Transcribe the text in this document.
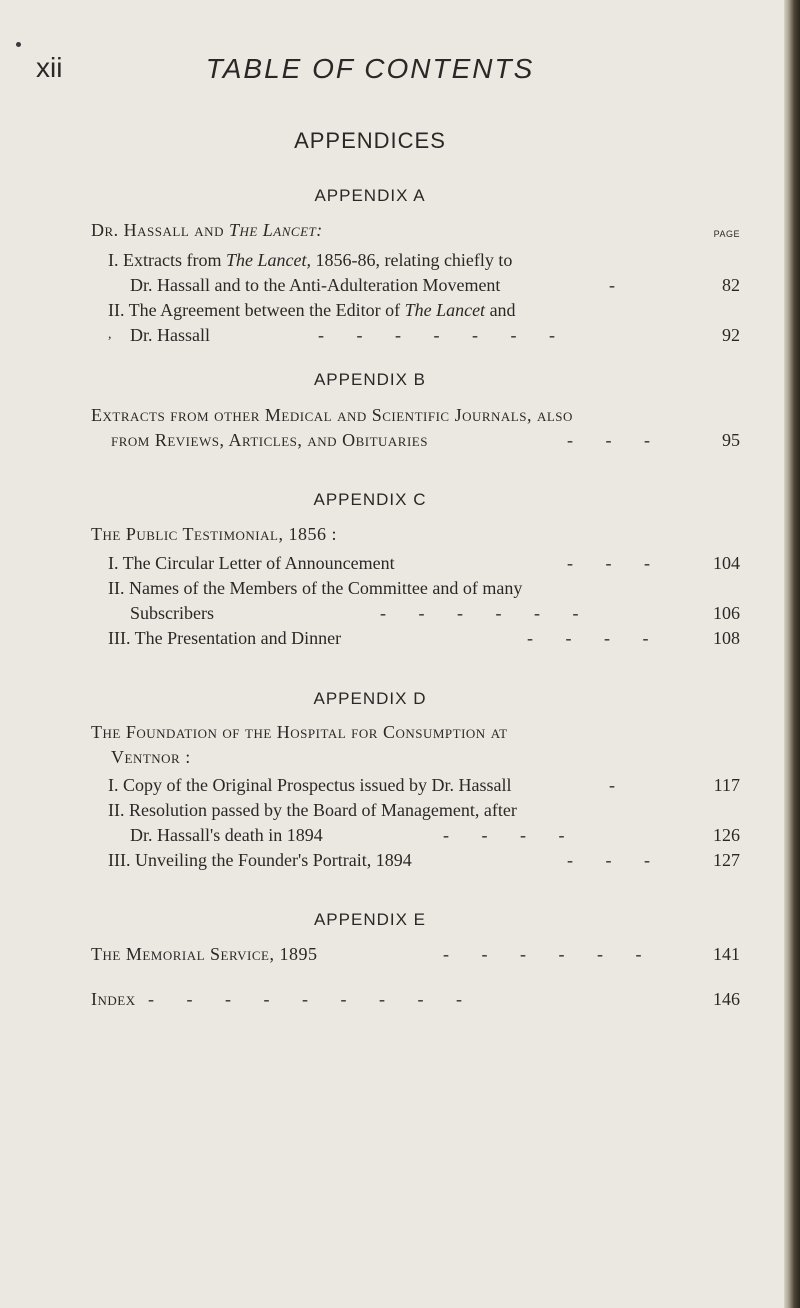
xii	TABLE OF CONTENTS
APPENDICES
APPENDIX A
Dr. Hassall and The Lancet:	PAGE
I. Extracts from The Lancet, 1856-86, relating chiefly to
Dr. Hassall and to the Anti-Adulteration Movement	-	82
II. The Agreement between the Editor of The Lancet and
, Dr. Hassall	- - - - - - -	92
APPENDIX B
Extracts from other Medical and Scientific Journals, also
from Reviews, Articles, and Obituaries	- - -	95
APPENDIX C
The Public Testimonial, 1856 :
I. The Circular Letter of Announcement	- - -	104
II. Names of the Members of the Committee and of many
Subscribers	- - - - - -	106
III. The Presentation and Dinner	- - - -	108
APPENDIX D
The Foundation of the Hospital for Consumption at
Ventnor :
I. Copy of the Original Prospectus issued by Dr. Hassall	-	117
II. Resolution passed by the Board of Management, after
Dr. Hassall's death in 1894	- - - -	126
III. Unveiling the Founder's Portrait, 1894	- - -	127
APPENDIX E
The Memorial Service, 1895	- - - - - -	141
Index - - - - - - - - -	146
